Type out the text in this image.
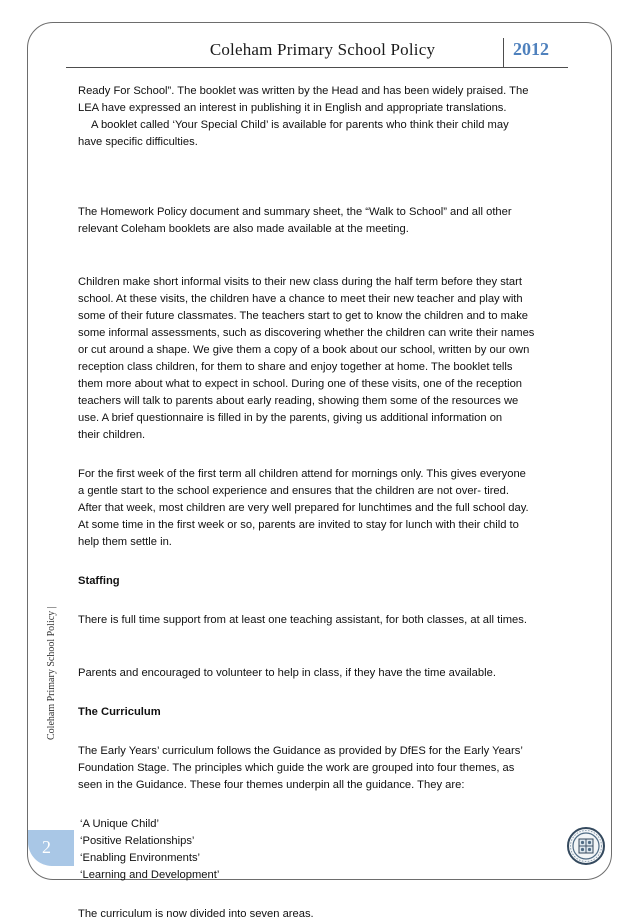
Coleham Primary School Policy	2012
Coleham Primary School Policy |

Ready For School”. The booklet was written by the Head and has been widely praised. The

LEA have expressed an interest in publishing it in English and appropriate translations.

A booklet called ‘Your Special Child’ is available for parents who think their child may

have specific difficulties.

The Homework Policy document and summary sheet, the “Walk to School” and all other

relevant Coleham booklets are also made available at the meeting.

Children make short informal visits to their new class during the half term before they start

school. At these visits, the children have a chance to meet their new teacher and play with

some of their future classmates. The teachers start to get to know the children and to make

some informal assessments, such as discovering whether the children can write their names

or cut around a shape. We give them a copy of a book about our school, written by our own

reception class children, for them to share and enjoy together at home. The booklet tells

them more about what to expect in school. During one of these visits, one of the reception

teachers will talk to parents about early reading, showing them some of the resources we

use. A brief questionnaire is filled in by the parents, giving us additional information on

their children.

For the first week of the first term all children attend for mornings only. This gives everyone

a gentle start to the school experience and ensures that the children are not over- tired.

After that week, most children are very well prepared for lunchtimes and the full school day.

At some time in the first week or so, parents are invited to stay for lunch with their child to

help them settle in.

Staffing

There is full time support from at least one teaching assistant, for both classes, at all times.

Parents and encouraged to volunteer to help in class, if they have the time available.

The Curriculum

The Early Years’ curriculum follows the Guidance as provided by DfES for the Early Years’

Foundation Stage. The principles which guide the work are grouped into four themes, as

seen in the Guidance. These four themes underpin all the guidance. They are:

‘A Unique Child’

‘Positive Relationships’

‘Enabling Environments’

‘Learning and Development’

The curriculum is now divided into seven areas.

2
